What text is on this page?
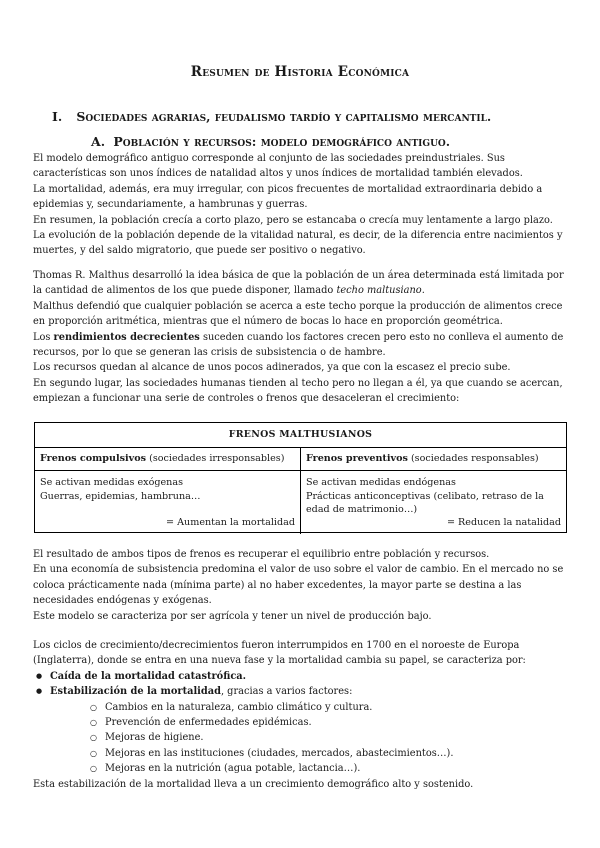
Resumen de Historia Económica
I. Sociedades agrarias, feudalismo tardío y capitalismo mercantil.
A. Población y recursos: modelo demográfico antiguo.

El modelo demográfico antiguo corresponde al conjunto de las sociedades preindustriales. Sus características son unos índices de natalidad altos y unos índices de mortalidad también elevados.

La mortalidad, además, era muy irregular, con picos frecuentes de mortalidad extraordinaria debido a epidemias y, secundariamente, a hambrunas y guerras.

En resumen, la población crecía a corto plazo, pero se estancaba o crecía muy lentamente a largo plazo.

La evolución de la población depende de la vitalidad natural, es decir, de la diferencia entre nacimientos y muertes, y del saldo migratorio, que puede ser positivo o negativo.

Thomas R. Malthus desarrolló la idea básica de que la población de un área determinada está limitada por la cantidad de alimentos de los que puede disponer, llamado techo maltusiano.

Malthus defendió que cualquier población se acerca a este techo porque la producción de alimentos crece en proporción aritmética, mientras que el número de bocas lo hace en proporción geométrica.

Los rendimientos decrecientes suceden cuando los factores crecen pero esto no conlleva el aumento de recursos, por lo que se generan las crisis de subsistencia o de hambre.

Los recursos quedan al alcance de unos pocos adinerados, ya que con la escasez el precio sube.

En segundo lugar, las sociedades humanas tienden al techo pero no llegan a él, ya que cuando se acercan, empiezan a funcionar una serie de controles o frenos que desaceleran el crecimiento:

FRENOS MALTHUSIANOS
Frenos compulsivos (sociedades irresponsables)	Frenos preventivos (sociedades responsables)
Se activan medidas exógenas
Guerras, epidemias, hambruna…
= Aumentan la mortalidad
Se activan medidas endógenas
Prácticas anticonceptivas (celibato, retraso de la edad de matrimonio…)
= Reducen la natalidad

El resultado de ambos tipos de frenos es recuperar el equilibrio entre población y recursos.

En una economía de subsistencia predomina el valor de uso sobre el valor de cambio. En el mercado no se coloca prácticamente nada (mínima parte) al no haber excedentes, la mayor parte se destina a las necesidades endógenas y exógenas.

Este modelo se caracteriza por ser agrícola y tener un nivel de producción bajo.

Los ciclos de crecimiento/decrecimientos fueron interrumpidos en 1700 en el noroeste de Europa (Inglaterra), donde se entra en una nueva fase y la mortalidad cambia su papel, se caracteriza por:

● Caída de la mortalidad catastrófica.
● Estabilización de la mortalidad, gracias a varios factores:
○ Cambios en la naturaleza, cambio climático y cultura.
○ Prevención de enfermedades epidémicas.
○ Mejoras de higiene.
○ Mejoras en las instituciones (ciudades, mercados, abastecimientos…).
○ Mejoras en la nutrición (agua potable, lactancia…).

Esta estabilización de la mortalidad lleva a un crecimiento demográfico alto y sostenido.
